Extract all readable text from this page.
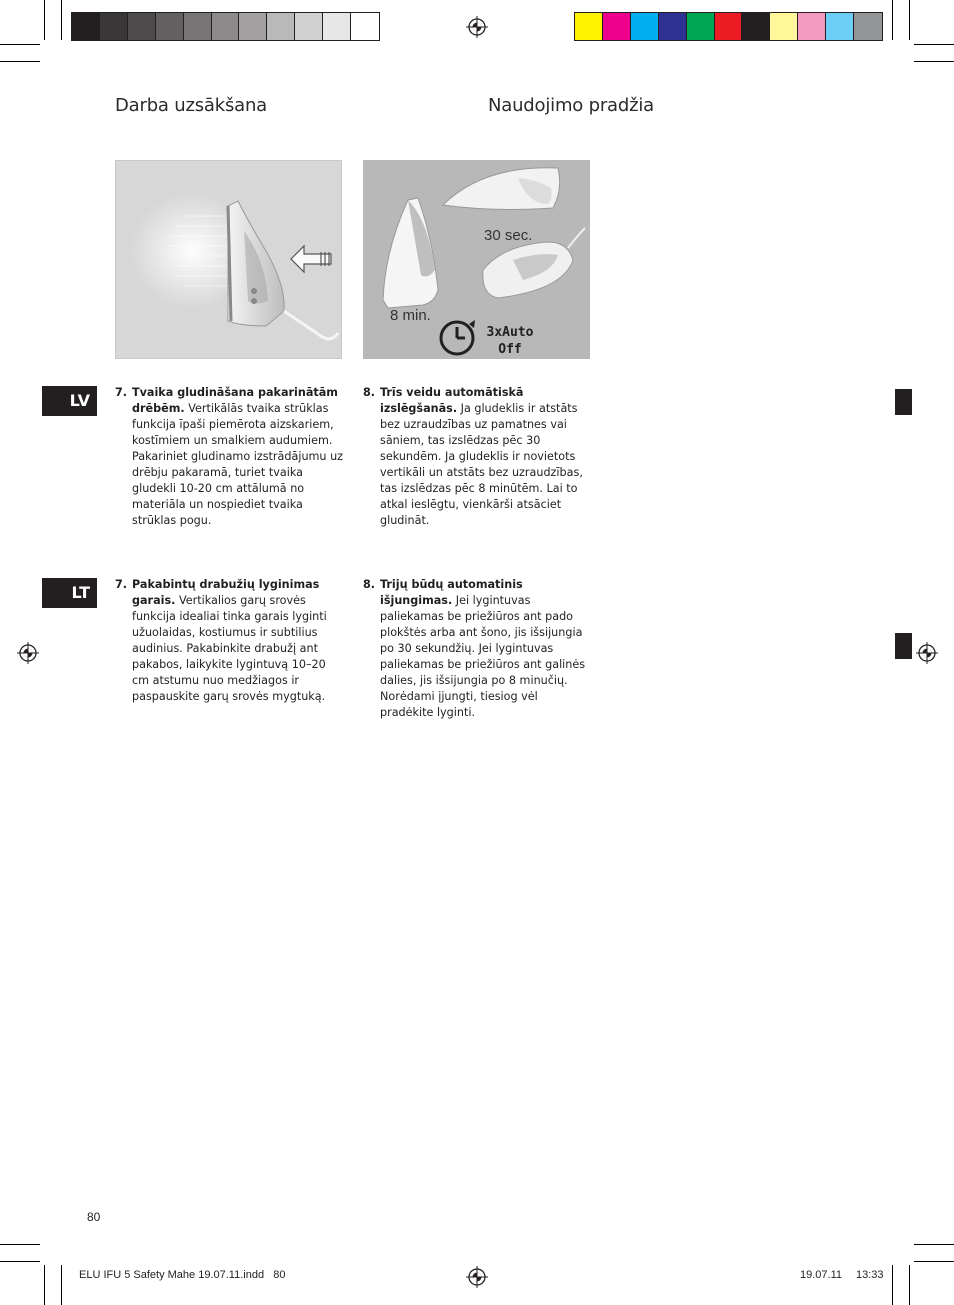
Darba uzsākšana	Naudojimo pradžia
30 sec.
8 min.
3xAuto
Off
LV
LT
7. Tvaika gludināšana pakarinātām drēbēm. Vertikālās tvaika strūklas funkcija īpaši piemērota aizskariem, kostīmiem un smalkiem audumiem. Pakariniet gludinamo izstrādājumu uz drēbju pakaramā, turiet tvaika gludekli 10-20 cm attālumā no materiāla un nospiediet tvaika strūklas pogu.
8. Trīs veidu automātiskā izslēgšanās. Ja gludeklis ir atstāts bez uzraudzības uz pamatnes vai sāniem, tas izslēdzas pēc 30 sekundēm. Ja gludeklis ir novietots vertikāli un atstāts bez uzraudzības, tas izslēdzas pēc 8 minūtēm. Lai to atkal ieslēgtu, vienkārši atsāciet gludināt.
7. Pakabintų drabužių lyginimas garais. Vertikalios garų srovės funkcija idealiai tinka garais lyginti užuolaidas, kostiumus ir subtilius audinius. Pakabinkite drabužį ant pakabos, laikykite lygintuvą 10–20 cm atstumu nuo medžiagos ir paspauskite garų srovės mygtuką.
8. Trijų būdų automatinis išjungimas. Jei lygintuvas paliekamas be priežiūros ant pado plokštės arba ant šono, jis išsijungia po 30 sekundžių. Jei lygintuvas paliekamas be priežiūros ant galinės dalies, jis išsijungia po 8 minučių. Norėdami įjungti, tiesiog vėl pradėkite lyginti.
80
ELU IFU 5 Safety Mahe 19.07.11.indd   80	19.07.11 13:33
